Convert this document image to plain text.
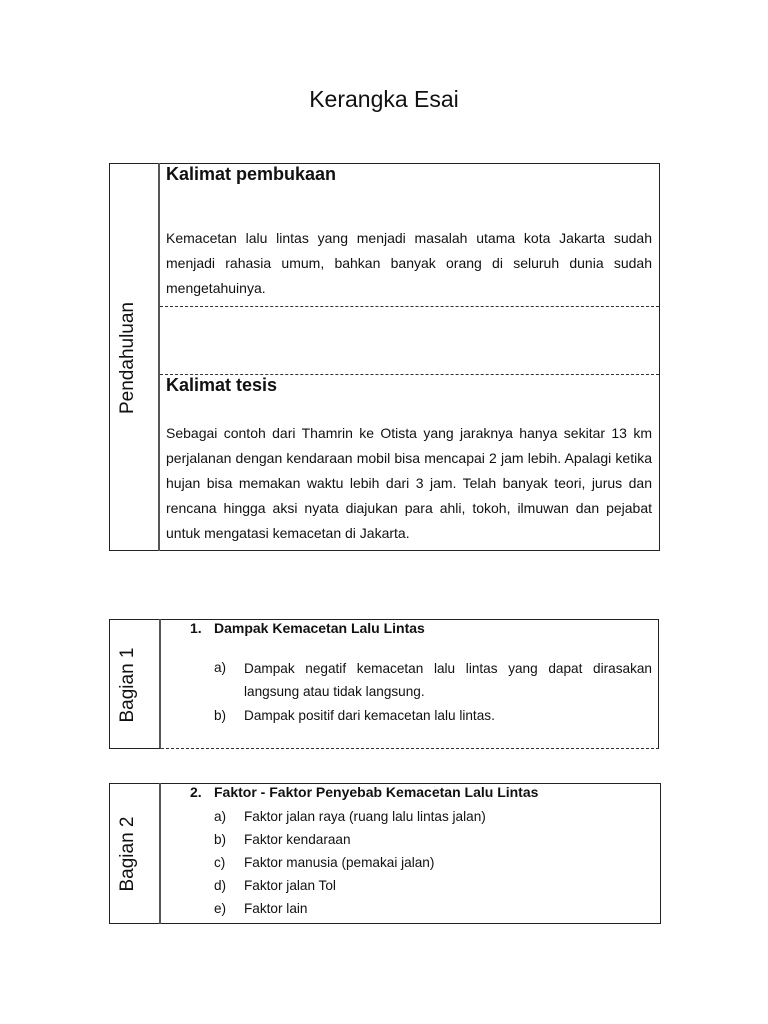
Kerangka Esai
Pendahuluan
Kalimat pembukaan
Kemacetan lalu lintas yang menjadi masalah utama kota Jakarta sudah menjadi rahasia umum, bahkan banyak orang di seluruh dunia sudah mengetahuinya.
Kalimat tesis
Sebagai contoh dari Thamrin ke Otista yang jaraknya hanya sekitar 13 km perjalanan dengan kendaraan mobil bisa mencapai 2 jam lebih. Apalagi ketika hujan bisa memakan waktu lebih dari 3 jam. Telah banyak teori, jurus dan rencana hingga aksi nyata diajukan para ahli, tokoh, ilmuwan dan pejabat untuk mengatasi kemacetan di Jakarta.
Bagian 1
1. Dampak Kemacetan Lalu Lintas
a) Dampak negatif kemacetan lalu lintas yang dapat dirasakan langsung atau tidak langsung.
b) Dampak positif dari kemacetan lalu lintas.
Bagian 2
2. Faktor - Faktor Penyebab Kemacetan Lalu Lintas
a) Faktor jalan raya (ruang lalu lintas jalan)
b) Faktor kendaraan
c) Faktor manusia (pemakai jalan)
d) Faktor jalan Tol
e) Faktor lain
